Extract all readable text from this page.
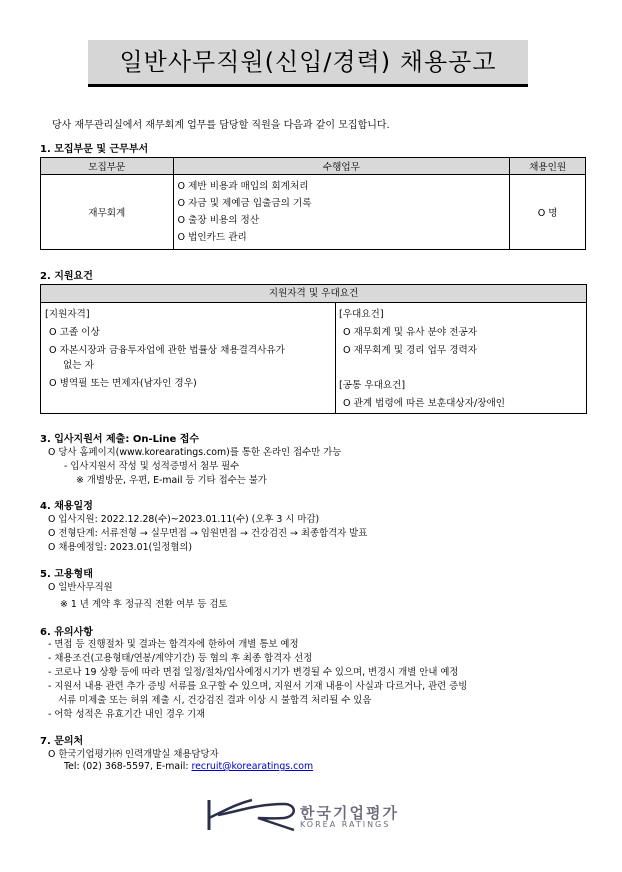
일반사무직원(신입/경력) 채용공고
당사 재무관리실에서 재무회계 업무를 담당할 직원을 다음과 같이 모집합니다.
1. 모집부문 및 근무부서
모집부문	수행업무	채용인원
재무회계	O 제반 비용과 매입의 회계처리
O 자금 및 제예금 입출금의 기록
O 출장 비용의 정산
O 법인카드 관리	O 명
2. 지원요건
지원자격 및 우대요건
[지원자격]
O 고졸 이상
O 자본시장과 금융투자업에 관한 법률상 채용결격사유가
없는 자
O 병역필 또는 면제자(남자인 경우)
[우대요건]
O 재무회계 및 유사 분야 전공자
O 재무회계 및 경리 업무 경력자
[공통 우대요건]
O 관계 법령에 따른 보훈대상자/장애인
3. 입사지원서 제출: On-Line 접수
O 당사 홈페이지(www.korearatings.com)를 통한 온라인 접수만 가능
- 입사지원서 작성 및 성적증명서 첨부 필수
※ 개별방문, 우편, E-mail 등 기타 접수는 불가
4. 채용일정
O 입사지원: 2022.12.28(수)~2023.01.11(수) (오후 3 시 마감)
O 전형단계: 서류전형 → 실무면접 → 임원면접 → 건강검진 → 최종합격자 발표
O 채용예정일: 2023.01(일정협의)
5. 고용형태
O 일반사무직원
※ 1 년 계약 후 정규직 전환 여부 등 검토
6. 유의사항
- 면접 등 진행절차 및 결과는 합격자에 한하여 개별 통보 예정
- 채용조건(고용형태/연봉/계약기간) 등 협의 후 최종 합격자 선정
- 코로나 19 상황 등에 따라 면접 일정/절차/입사예정시기가 변경될 수 있으며, 변경시 개별 안내 예정
- 지원서 내용 관련 추가 증빙 서류를 요구할 수 있으며, 지원서 기재 내용이 사실과 다르거나, 관련 증빙
서류 미제출 또는 허위 제출 시, 건강검진 결과 이상 시 불합격 처리될 수 있음
- 어학 성적은 유효기간 내인 경우 기재
7. 문의처
O 한국기업평가㈜ 인력개발실 채용담당자
Tel: (02) 368-5597, E-mail: recruit@korearatings.com
한국기업평가
KOREA RATINGS
